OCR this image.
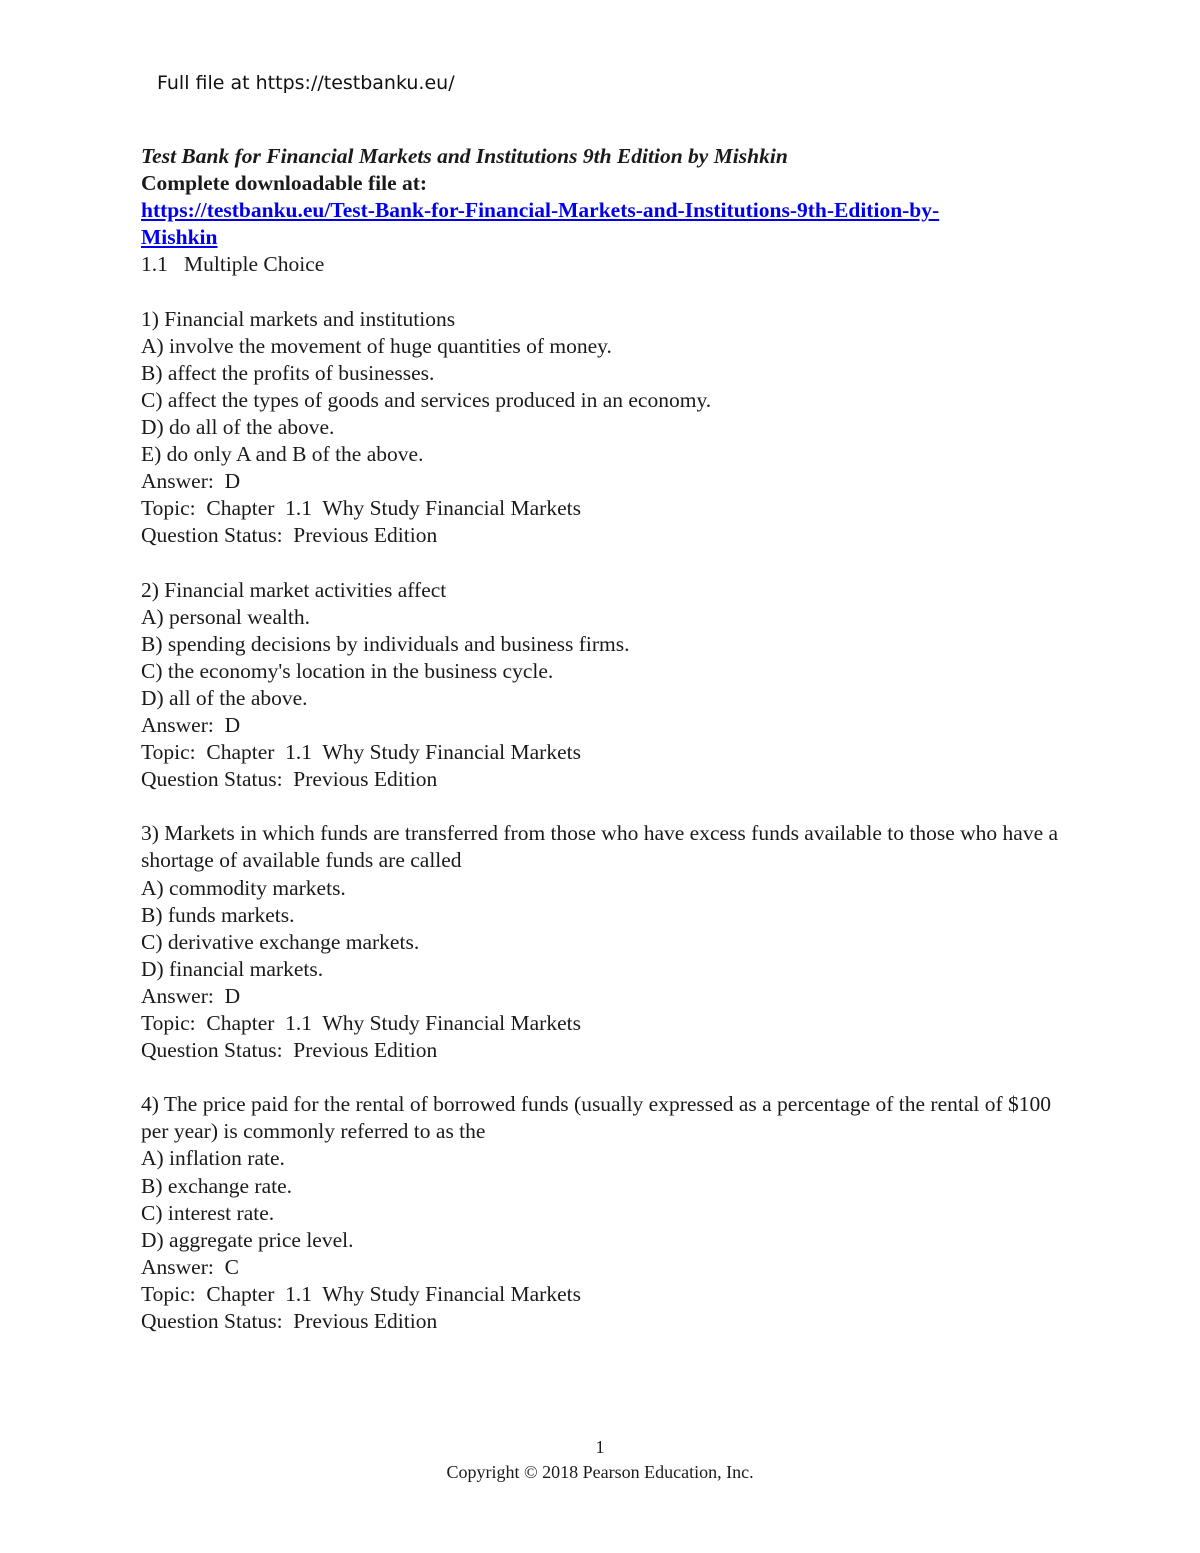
Full file at https://testbanku.eu/
Test Bank for Financial Markets and Institutions 9th Edition by Mishkin
Complete downloadable file at:
https://testbanku.eu/Test-Bank-for-Financial-Markets-and-Institutions-9th-Edition-by-
Mishkin
1.1   Multiple Choice
1) Financial markets and institutions
A) involve the movement of huge quantities of money.
B) affect the profits of businesses.
C) affect the types of goods and services produced in an economy.
D) do all of the above.
E) do only A and B of the above.
Answer:  D
Topic:  Chapter  1.1  Why Study Financial Markets
Question Status:  Previous Edition
2) Financial market activities affect
A) personal wealth.
B) spending decisions by individuals and business firms.
C) the economy's location in the business cycle.
D) all of the above.
Answer:  D
Topic:  Chapter  1.1  Why Study Financial Markets
Question Status:  Previous Edition
3) Markets in which funds are transferred from those who have excess funds available to those who have a shortage of available funds are called
A) commodity markets.
B) funds markets.
C) derivative exchange markets.
D) financial markets.
Answer:  D
Topic:  Chapter  1.1  Why Study Financial Markets
Question Status:  Previous Edition
4) The price paid for the rental of borrowed funds (usually expressed as a percentage of the rental of $100 per year) is commonly referred to as the
A) inflation rate.
B) exchange rate.
C) interest rate.
D) aggregate price level.
Answer:  C
Topic:  Chapter  1.1  Why Study Financial Markets
Question Status:  Previous Edition
1
Copyright © 2018 Pearson Education, Inc.
